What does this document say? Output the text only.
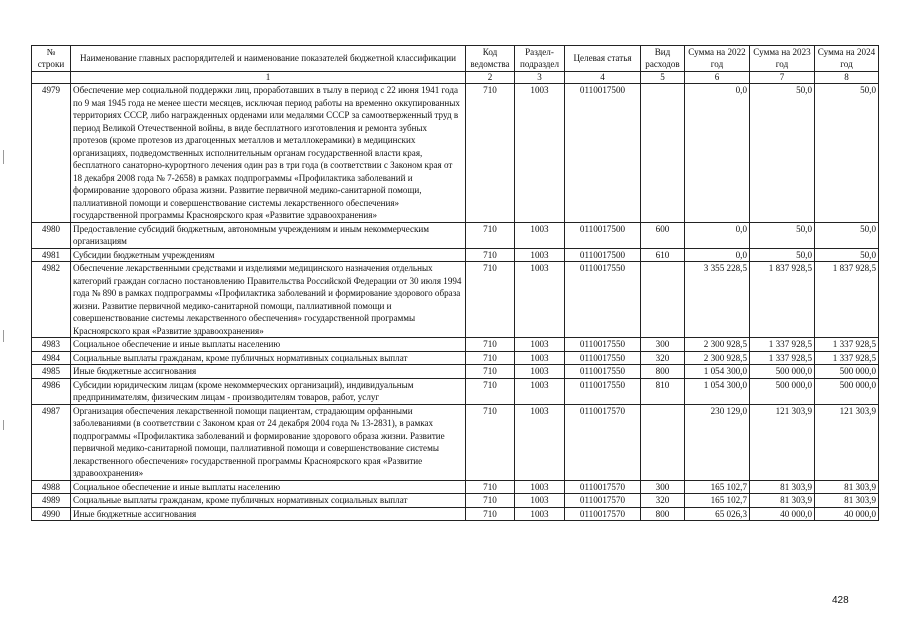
№ строки	Наименование главных распорядителей и наименование показателей бюджетной классификации	Код ведомства	Раздел-подраздел	Целевая статья	Вид расходов	Сумма на 2022 год	Сумма на 2023 год	Сумма на 2024 год
	1	2	3	4	5	6	7	8
4979	Обеспечение мер социальной поддержки лиц, проработавших в тылу в период с 22 июня 1941 года по 9 мая 1945 года не менее шести месяцев, исключая период работы на временно оккупированных территориях СССР, либо награжденных орденами или медалями СССР за самоотверженный труд в период Великой Отечественной войны, в виде бесплатного изготовления и ремонта зубных протезов (кроме протезов из драгоценных металлов и металлокерамики) в медицинских организациях, подведомственных исполнительным органам государственной власти края, бесплатного санаторно-курортного лечения один раз в три года (в соответствии с Законом края от 18 декабря 2008 года № 7-2658) в рамках подпрограммы «Профилактика заболеваний и формирование здорового образа жизни. Развитие первичной медико-санитарной помощи, паллиативной помощи и совершенствование системы лекарственного обеспечения» государственной программы Красноярского края «Развитие здравоохранения»	710	1003	0110017500		0,0	50,0	50,0
4980	Предоставление субсидий бюджетным, автономным учреждениям и иным некоммерческим организациям	710	1003	0110017500	600	0,0	50,0	50,0
4981	Субсидии бюджетным учреждениям	710	1003	0110017500	610	0,0	50,0	50,0
4982	Обеспечение лекарственными средствами и изделиями медицинского назначения отдельных категорий граждан согласно постановлению Правительства Российской Федерации от 30 июля 1994 года № 890 в рамках подпрограммы «Профилактика заболеваний и формирование здорового образа жизни. Развитие первичной медико-санитарной помощи, паллиативной помощи и совершенствование системы лекарственного обеспечения» государственной программы Красноярского края «Развитие здравоохранения»	710	1003	0110017550		3 355 228,5	1 837 928,5	1 837 928,5
4983	Социальное обеспечение и иные выплаты населению	710	1003	0110017550	300	2 300 928,5	1 337 928,5	1 337 928,5
4984	Социальные выплаты гражданам, кроме публичных нормативных социальных выплат	710	1003	0110017550	320	2 300 928,5	1 337 928,5	1 337 928,5
4985	Иные бюджетные ассигнования	710	1003	0110017550	800	1 054 300,0	500 000,0	500 000,0
4986	Субсидии юридическим лицам (кроме некоммерческих организаций), индивидуальным предпринимателям, физическим лицам - производителям товаров, работ, услуг	710	1003	0110017550	810	1 054 300,0	500 000,0	500 000,0
4987	Организация обеспечения лекарственной помощи пациентам, страдающим орфанными заболеваниями (в соответствии с Законом края от 24 декабря 2004 года № 13-2831), в рамках подпрограммы «Профилактика заболеваний и формирование здорового образа жизни. Развитие первичной медико-санитарной помощи, паллиативной помощи и совершенствование системы лекарственного обеспечения» государственной программы Красноярского края «Развитие здравоохранения»	710	1003	0110017570		230 129,0	121 303,9	121 303,9
4988	Социальное обеспечение и иные выплаты населению	710	1003	0110017570	300	165 102,7	81 303,9	81 303,9
4989	Социальные выплаты гражданам, кроме публичных нормативных социальных выплат	710	1003	0110017570	320	165 102,7	81 303,9	81 303,9
4990	Иные бюджетные ассигнования	710	1003	0110017570	800	65 026,3	40 000,0	40 000,0
428
